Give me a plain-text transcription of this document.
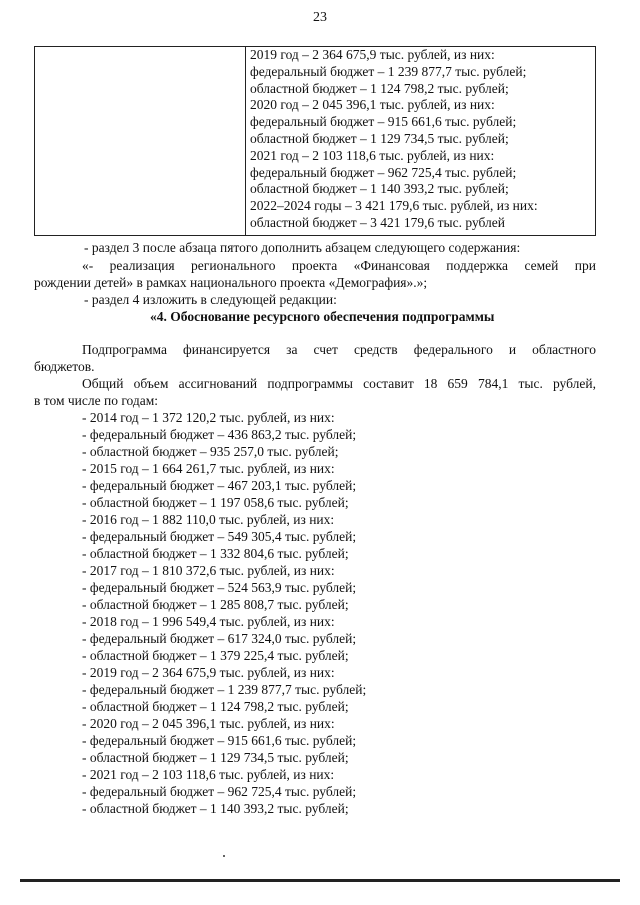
23

2019 год – 2 364 675,9 тыс. рублей, из них:
федеральный бюджет – 1 239 877,7 тыс. рублей;
областной бюджет – 1 124 798,2 тыс. рублей;
2020 год – 2 045 396,1 тыс. рублей, из них:
федеральный бюджет – 915 661,6 тыс. рублей;
областной бюджет – 1 129 734,5 тыс. рублей;
2021 год – 2 103 118,6 тыс. рублей, из них:
федеральный бюджет – 962 725,4 тыс. рублей;
областной бюджет – 1 140 393,2 тыс. рублей;
2022–2024 годы – 3 421 179,6 тыс. рублей, из них:
областной бюджет – 3 421 179,6 тыс. рублей
- раздел 3 после абзаца пятого дополнить абзацем следующего содержания:
«- реализация регионального проекта «Финансовая поддержка семей при
рождении детей» в рамках национального проекта «Демография».»;
- раздел 4 изложить в следующей редакции:
«4. Обоснование ресурсного обеспечения подпрограммы
Подпрограмма финансируется за счет средств федерального и областного
бюджетов.
Общий объем ассигнований подпрограммы составит 18 659 784,1 тыс. рублей,
в том числе по годам:
- 2014 год – 1 372 120,2 тыс. рублей, из них:
- федеральный бюджет – 436 863,2 тыс. рублей;
- областной бюджет – 935 257,0 тыс. рублей;
- 2015 год – 1 664 261,7 тыс. рублей, из них:
- федеральный бюджет – 467 203,1 тыс. рублей;
- областной бюджет – 1 197 058,6 тыс. рублей;
- 2016 год – 1 882 110,0 тыс. рублей, из них:
- федеральный бюджет – 549 305,4 тыс. рублей;
- областной бюджет – 1 332 804,6 тыс. рублей;
- 2017 год – 1 810 372,6 тыс. рублей, из них:
- федеральный бюджет – 524 563,9 тыс. рублей;
- областной бюджет – 1 285 808,7 тыс. рублей;
- 2018 год – 1 996 549,4 тыс. рублей, из них:
- федеральный бюджет – 617 324,0 тыс. рублей;
- областной бюджет – 1 379 225,4 тыс. рублей;
- 2019 год – 2 364 675,9 тыс. рублей, из них:
- федеральный бюджет – 1 239 877,7 тыс. рублей;
- областной бюджет – 1 124 798,2 тыс. рублей;
- 2020 год – 2 045 396,1 тыс. рублей, из них:
- федеральный бюджет – 915 661,6 тыс. рублей;
- областной бюджет – 1 129 734,5 тыс. рублей;
- 2021 год – 2 103 118,6 тыс. рублей, из них:
- федеральный бюджет – 962 725,4 тыс. рублей;
- областной бюджет – 1 140 393,2 тыс. рублей;
